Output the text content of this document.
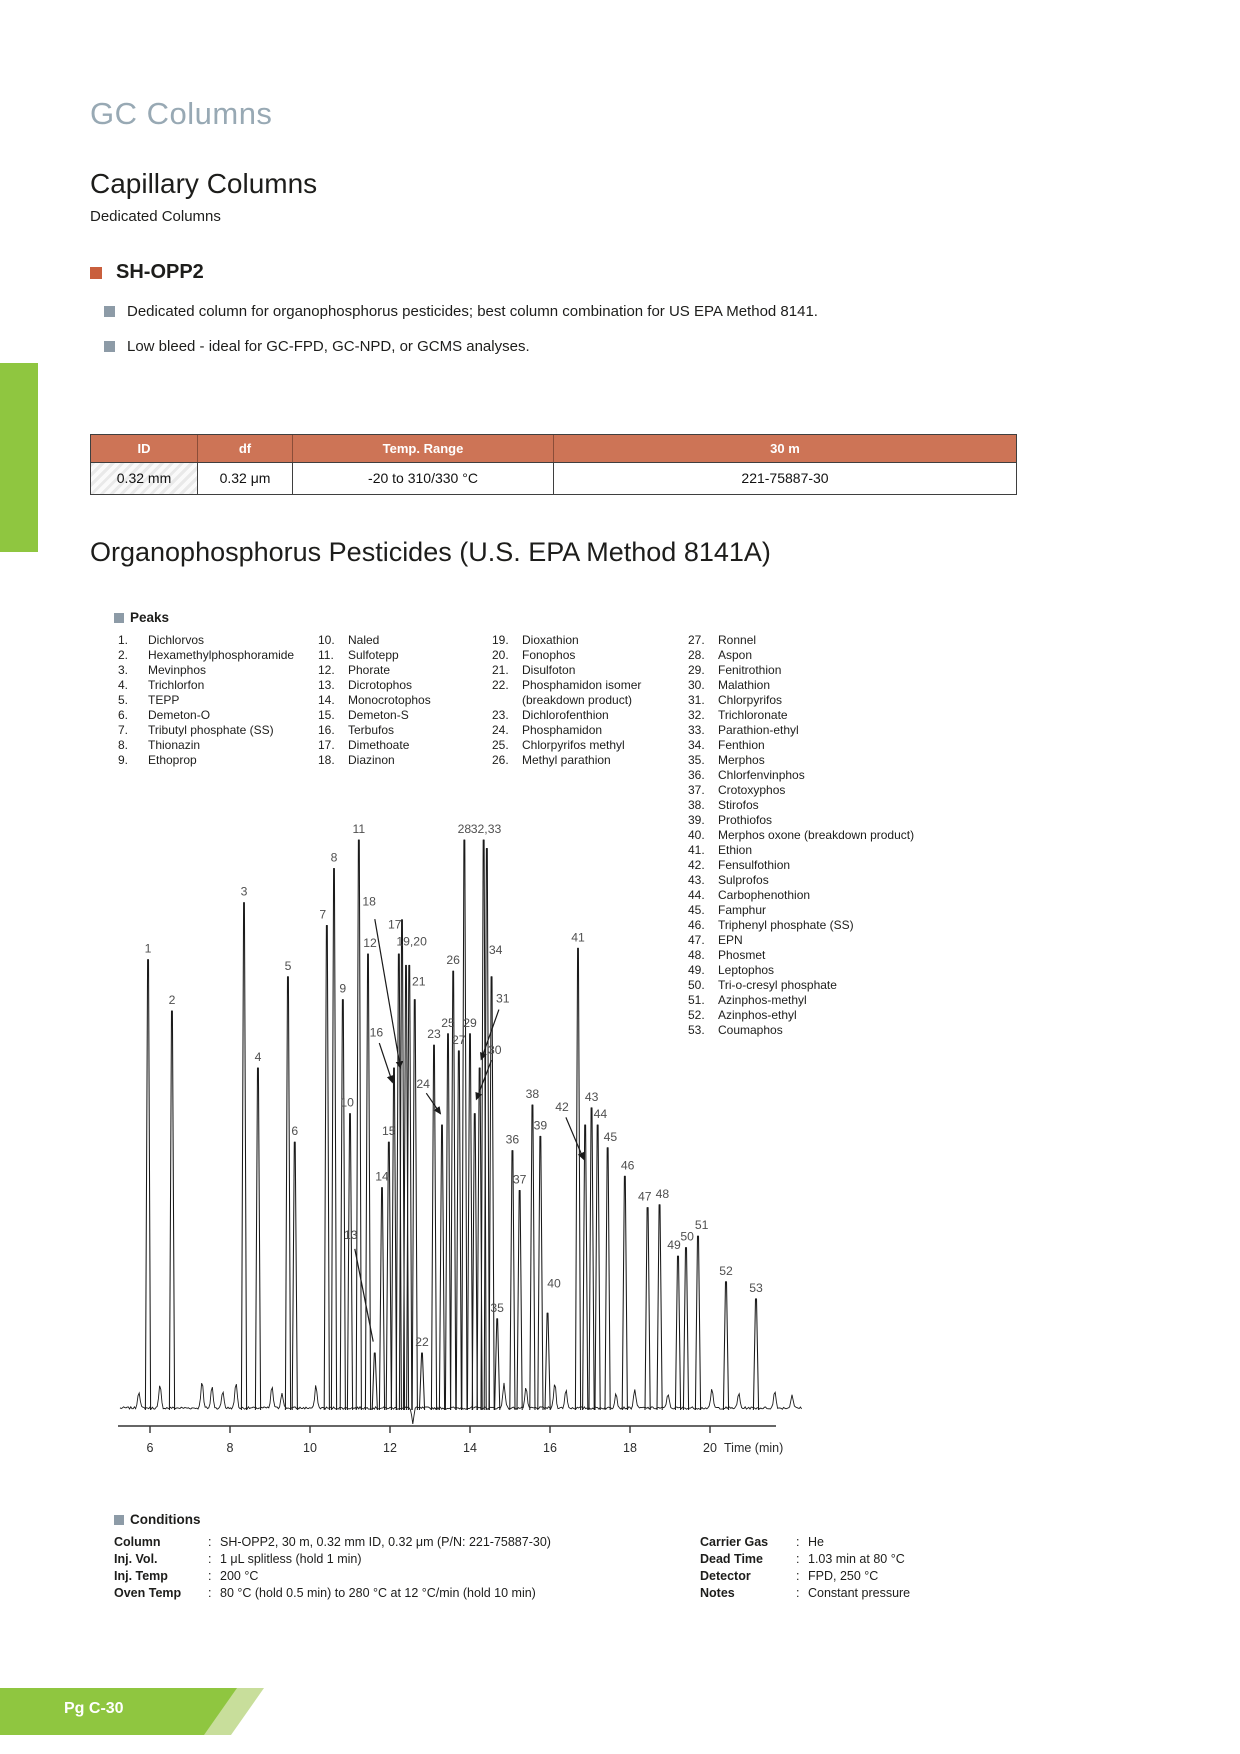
GC Columns
Capillary Columns
Dedicated Columns
SH-OPP2
Dedicated column for organophosphorus pesticides; best column combination for US EPA Method 8141.
Low bleed - ideal for GC-FPD, GC-NPD, or GCMS analyses.
ID	df	Temp. Range	30 m
0.32 mm	0.32 μm	-20 to 310/330 °C	221-75887-30
Organophosphorus Pesticides (U.S. EPA Method 8141A)
Peaks
1.	Dichlorvos
2.	Hexamethylphosphoramide
3.	Mevinphos
4.	Trichlorfon
5.	TEPP
6.	Demeton-O
7.	Tributyl phosphate (SS)
8.	Thionazin
9.	Ethoprop
10.	Naled
11.	Sulfotepp
12.	Phorate
13.	Dicrotophos
14.	Monocrotophos
15.	Demeton-S
16.	Terbufos
17.	Dimethoate
18.	Diazinon
19.	Dioxathion
20.	Fonophos
21.	Disulfoton
22.	Phosphamidon isomer
(breakdown product)
23.	Dichlorofenthion
24.	Phosphamidon
25.	Chlorpyrifos methyl
26.	Methyl parathion
27.	Ronnel
28.	Aspon
29.	Fenitrothion
30.	Malathion
31.	Chlorpyrifos
32.	Trichloronate
33.	Parathion-ethyl
34.	Fenthion
35.	Merphos
36.	Chlorfenvinphos
37.	Crotoxyphos
38.	Stirofos
39.	Prothiofos
40.	Merphos oxone (breakdown product)
41.	Ethion
42.	Fensulfothion
43.	Sulprofos
44.	Carbophenothion
45.	Famphur
46.	Triphenyl phosphate (SS)
47.	EPN
48.	Phosmet
49.	Leptophos
50.	Tri-o-cresyl phosphate
51.	Azinphos-methyl
52.	Azinphos-ethyl
53.	Coumaphos
1
2
3
4
5
6
7
8
9
10
11
12
13
14
15
16
17
18
19,20
21
22
23
24
25
26
27
28
29
30
31
32,33
34
35
36
37
38
39
40
41
42
43
44
45
46
47 48
49
50
51
52
53
6	8	10	12	14	16	18	20 Time (min)
Conditions
Column	: SH-OPP2, 30 m, 0.32 mm ID, 0.32 μm (P/N: 221-75887-30)
Inj. Vol.	: 1 μL splitless (hold 1 min)
Inj. Temp	: 200 °C
Oven Temp	: 80 °C (hold 0.5 min) to 280 °C at 12 °C/min (hold 10 min)
Carrier Gas	: He
Dead Time	: 1.03 min at 80 °C
Detector	: FPD, 250 °C
Notes	: Constant pressure
Pg C-30
